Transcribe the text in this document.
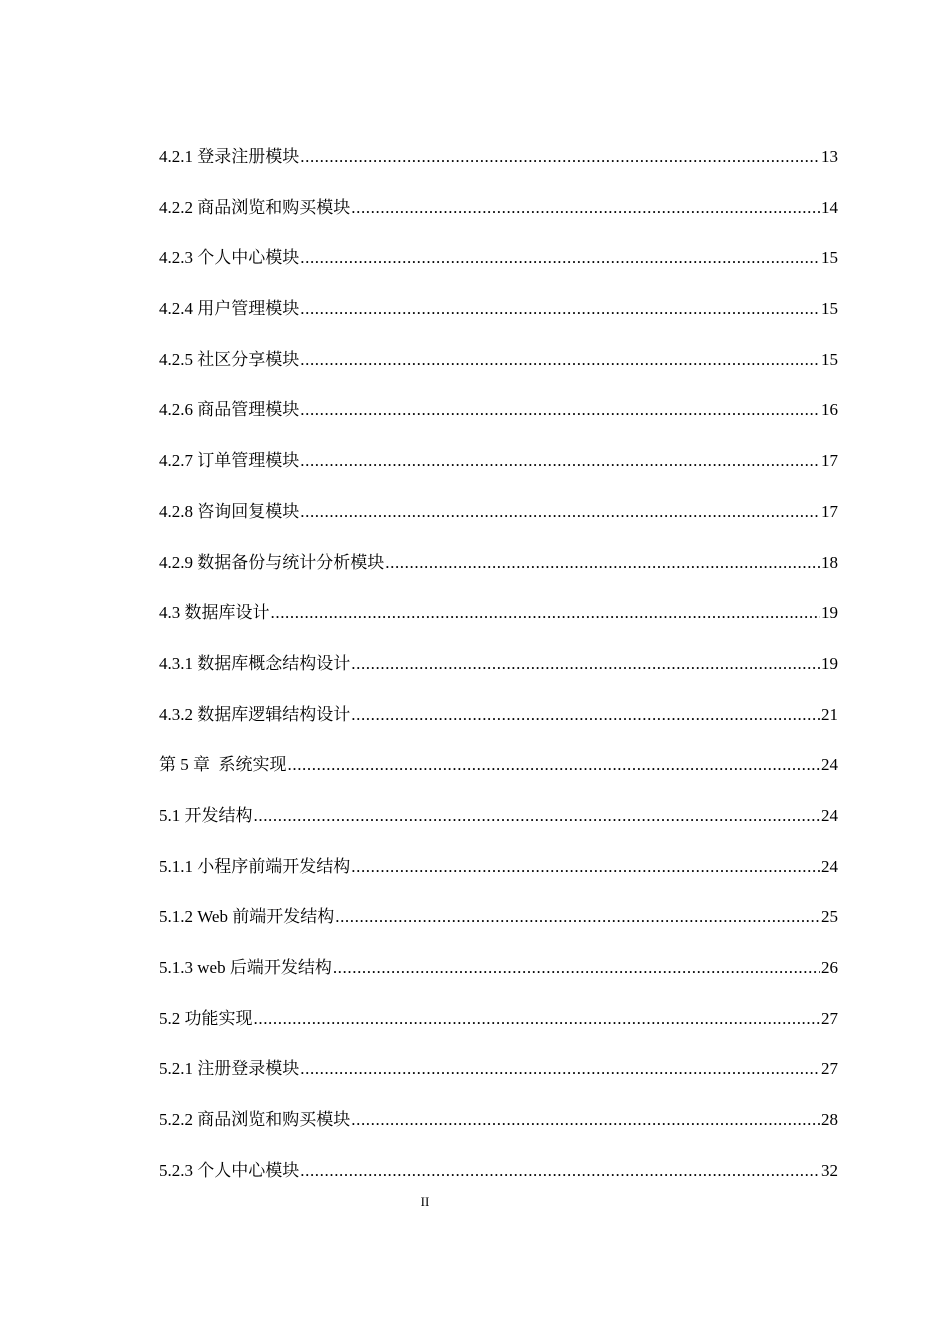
4.2.1 登录注册模块 .....	13
4.2.2 商品浏览和购买模块 .....	14
4.2.3 个人中心模块 .....	15
4.2.4 用户管理模块 .....	15
4.2.5 社区分享模块 .....	15
4.2.6 商品管理模块 .....	16
4.2.7 订单管理模块 .....	17
4.2.8 咨询回复模块 .....	17
4.2.9 数据备份与统计分析模块 .....	18
4.3 数据库设计 .....	19
4.3.1 数据库概念结构设计 .....	19
4.3.2 数据库逻辑结构设计 .....	21
第 5 章 系统实现 .....	24
5.1 开发结构 .....	24
5.1.1 小程序前端开发结构 .....	24
5.1.2 Web 前端开发结构 .....	25
5.1.3 web 后端开发结构 .....	26
5.2 功能实现 .....	27
5.2.1 注册登录模块 .....	27
5.2.2 商品浏览和购买模块 .....	28
5.2.3 个人中心模块 .....	32
II
